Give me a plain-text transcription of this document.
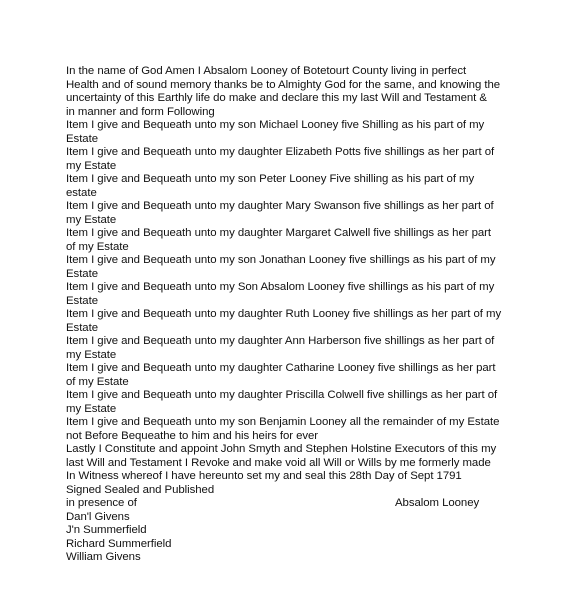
In the name of God Amen I Absalom Looney of Botetourt County living in perfect
Health and of sound memory thanks be to Almighty God for the same, and knowing the
uncertainty of this Earthly life do make and declare this my last Will and Testament &
in manner and form Following
Item I give and Bequeath unto my son Michael Looney five Shilling as his part of my
Estate
Item I give and Bequeath unto my daughter Elizabeth Potts five shillings as her part of
my Estate
Item I give and Bequeath unto my son Peter Looney Five shilling as his part of my
estate
Item I give and Bequeath unto my daughter Mary Swanson five shillings as her part of
my Estate
Item I give and Bequeath unto my daughter Margaret Calwell five shillings as her part
of my Estate
Item I give and Bequeath unto my son Jonathan Looney five shillings as his part of my
Estate
Item I give and Bequeath unto my Son Absalom Looney five shillings as his part of my
Estate
Item I give and Bequeath unto my daughter Ruth Looney five shillings as her part of my
Estate
Item I give and Bequeath unto my daughter Ann Harberson five shillings as her part of
my Estate
Item I give and Bequeath unto my daughter Catharine Looney five shillings as her part
of my Estate
Item I give and Bequeath unto my daughter Priscilla Colwell five shillings as her part of
my Estate
Item I give and Bequeath unto my son Benjamin Looney all the remainder of my Estate
not Before Bequeathe to him and his heirs for ever
Lastly I Constitute and appoint John Smyth and Stephen Holstine Executors of this my
last Will and Testament I Revoke and make void all Will or Wills by me formerly made
In Witness whereof I have hereunto set my and seal this 28th Day of Sept 1791
Signed Sealed and Published
in presence of	Absalom Looney
Dan'l Givens
J'n Summerfield
Richard Summerfield
William Givens
